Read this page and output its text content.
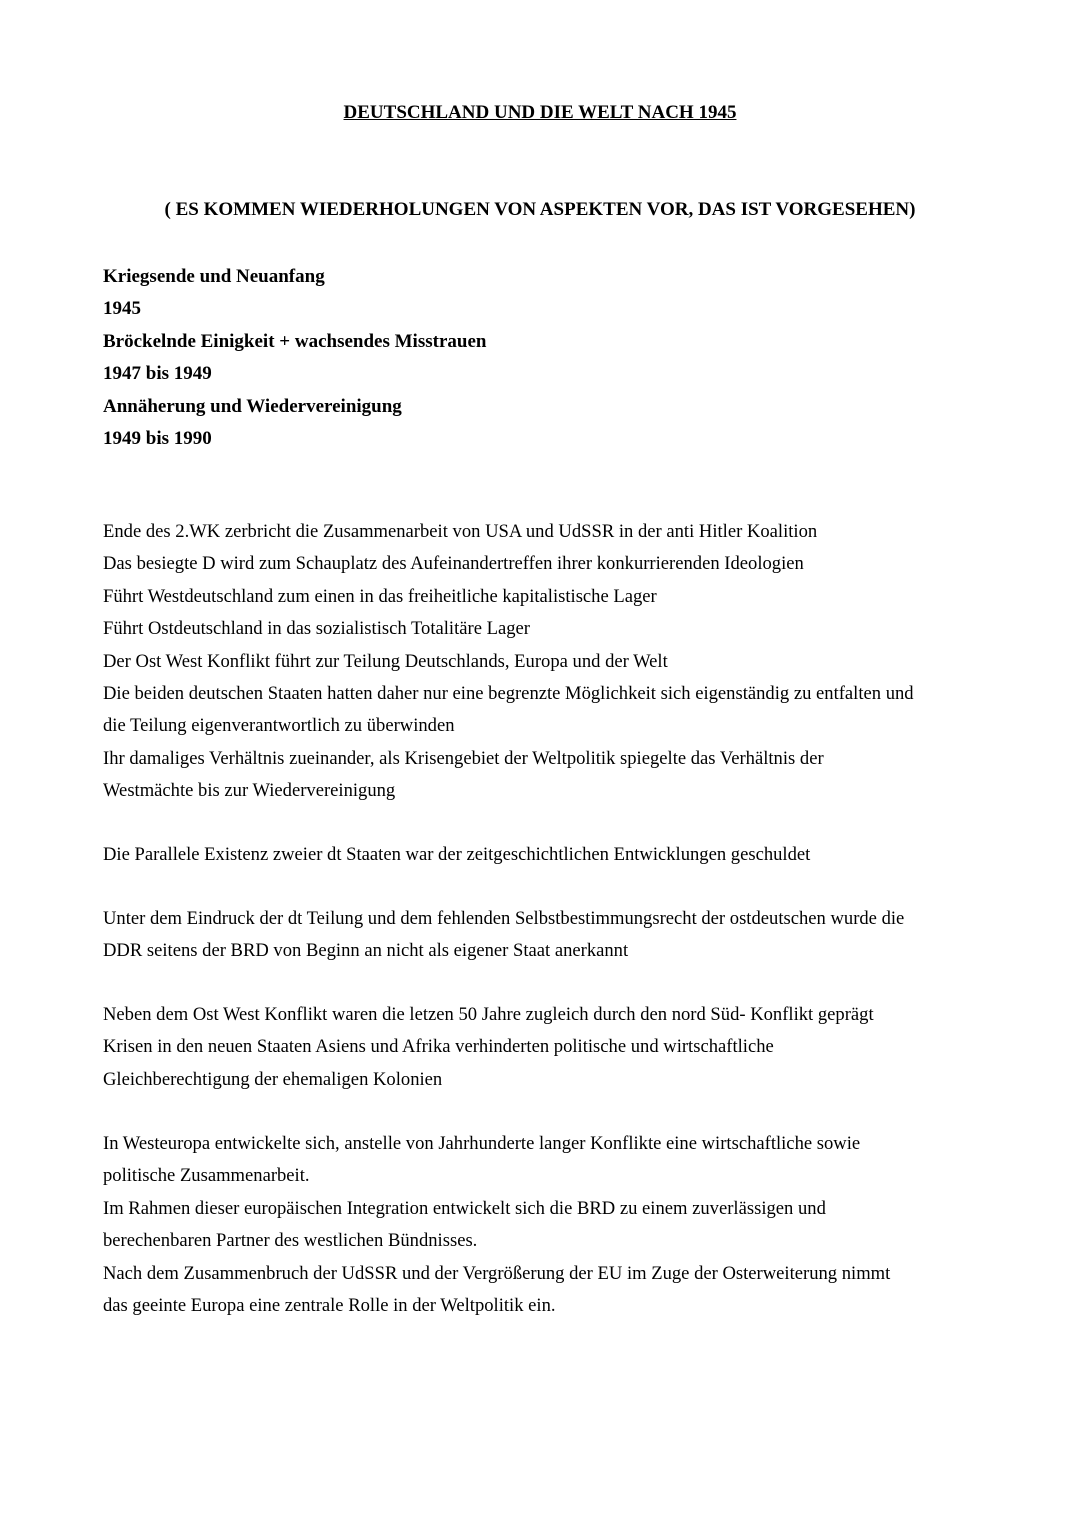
DEUTSCHLAND UND DIE WELT NACH 1945
( ES KOMMEN WIEDERHOLUNGEN VON ASPEKTEN VOR, DAS IST VORGESEHEN)
Kriegsende und Neuanfang
1945
Bröckelnde Einigkeit + wachsendes Misstrauen
1947 bis 1949
Annäherung und Wiedervereinigung
1949 bis 1990
Ende des 2.WK zerbricht die Zusammenarbeit von USA und UdSSR in der anti Hitler Koalition
Das besiegte D wird zum Schauplatz des Aufeinandertreffen ihrer konkurrierenden Ideologien
Führt Westdeutschland zum einen in das freiheitliche kapitalistische Lager
Führt Ostdeutschland in das sozialistisch Totalitäre Lager
Der Ost West Konflikt führt zur Teilung Deutschlands, Europa und der Welt
Die beiden deutschen Staaten hatten daher nur eine begrenzte Möglichkeit sich eigenständig zu entfalten und
die Teilung eigenverantwortlich zu überwinden
Ihr damaliges Verhältnis zueinander, als Krisengebiet der Weltpolitik spiegelte das Verhältnis der
Westmächte bis zur Wiedervereinigung
Die Parallele Existenz zweier dt Staaten war der zeitgeschichtlichen Entwicklungen geschuldet
Unter dem Eindruck der dt Teilung und dem fehlenden Selbstbestimmungsrecht der ostdeutschen wurde die
DDR seitens der BRD von Beginn an nicht als eigener Staat anerkannt
Neben dem Ost West Konflikt waren die letzen 50 Jahre zugleich durch den nord Süd- Konflikt geprägt
Krisen in den neuen Staaten Asiens und Afrika verhinderten politische und wirtschaftliche
Gleichberechtigung der ehemaligen Kolonien
In Westeuropa entwickelte sich, anstelle von Jahrhunderte langer Konflikte eine wirtschaftliche sowie
politische Zusammenarbeit.
Im Rahmen dieser europäischen Integration entwickelt sich die BRD zu einem zuverlässigen und
berechenbaren Partner des westlichen Bündnisses.
Nach dem Zusammenbruch der UdSSR und der Vergrößerung der EU im Zuge der Osterweiterung nimmt
das geeinte Europa eine zentrale Rolle in der Weltpolitik ein.
